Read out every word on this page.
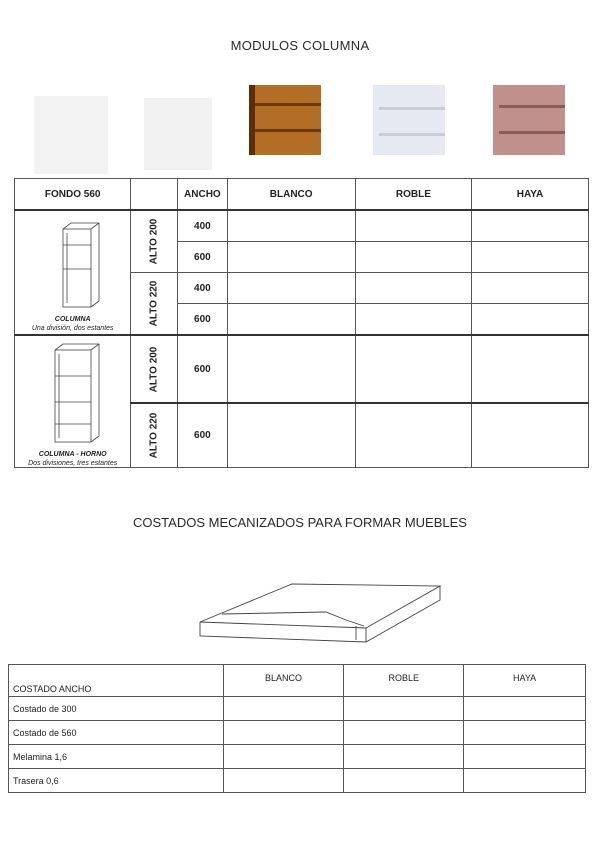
MODULOS COLUMNA
FONDO 560		ANCHO	BLANCO	ROBLE	HAYA

COLUMNA
Una división, dos estantes	ALTO 200	400			
		600			
	ALTO 220	400			
		600			

COLUMNA - HORNO
Dos divisiones, tres estantes	ALTO 200	600			
	ALTO 220	600			
COSTADOS MECANIZADOS PARA FORMAR MUEBLES
COSTADO ANCHO	BLANCO	ROBLE	HAYA
Costado de 300			
Costado de 560			
Melamina 1,6			
Trasera 0,6			
